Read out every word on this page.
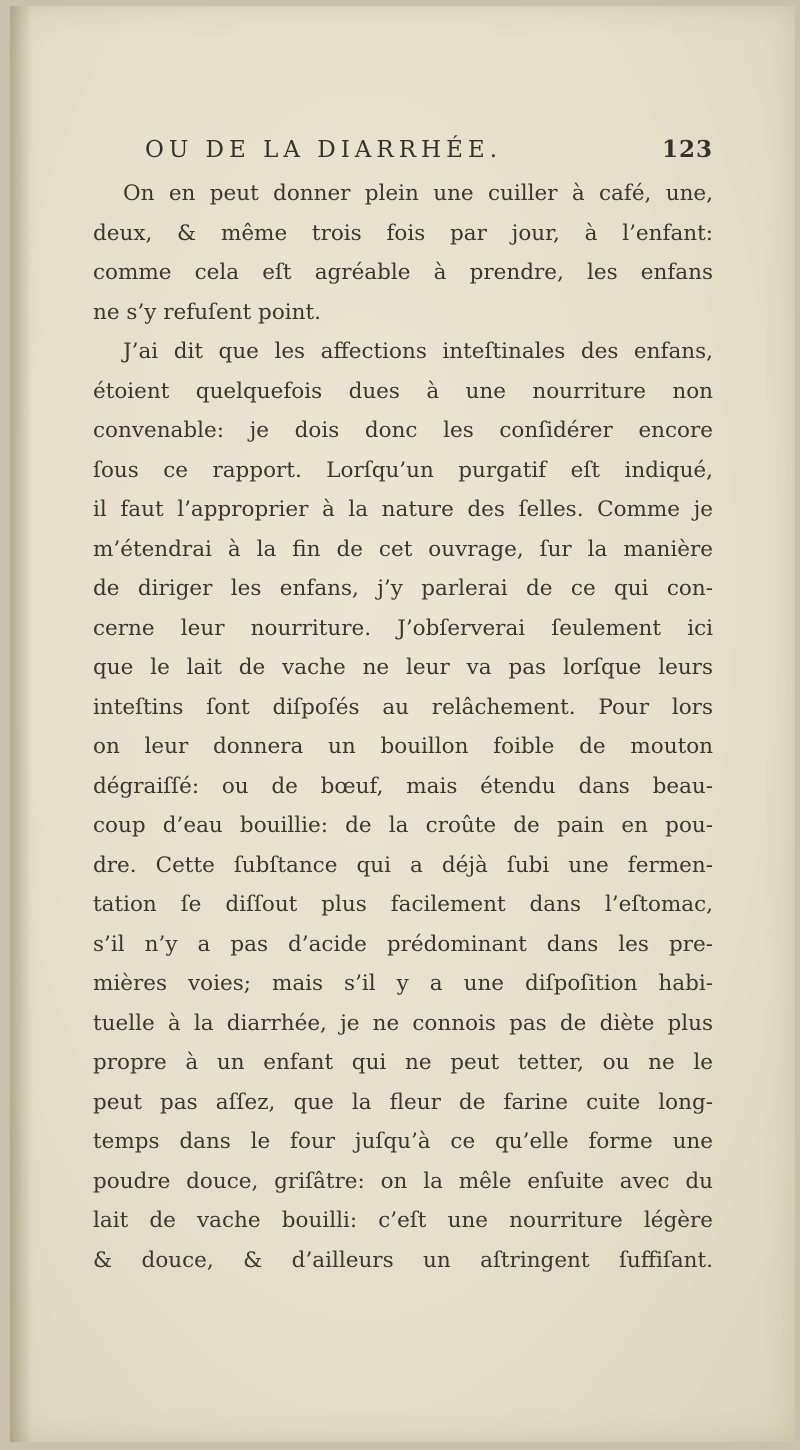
OU DE LA DIARRHÉE.	123
On en peut donner plein une cuiller à café, une,
deux, & même trois fois par jour, à l’enfant:
comme cela eſt agréable à prendre, les enfans
ne s’y refuſent point.
J’ai dit que les affections inteſtinales des enfans,
étoient quelquefois dues à une nourriture non
convenable: je dois donc les conſidérer encore
ſous ce rapport. Lorſqu’un purgatif eſt indiqué,
il faut l’approprier à la nature des ſelles. Comme je
m’étendrai à la fin de cet ouvrage, ſur la manière
de diriger les enfans, j’y parlerai de ce qui con-
cerne leur nourriture. J’obſerverai ſeulement ici
que le lait de vache ne leur va pas lorſque leurs
inteſtins ſont diſpoſés au relâchement. Pour lors
on leur donnera un bouillon foible de mouton
dégraiſſé: ou de bœuf, mais étendu dans beau-
coup d’eau bouillie: de la croûte de pain en pou-
dre. Cette ſubſtance qui a déjà ſubi une fermen-
tation ſe diſſout plus facilement dans l’eſtomac,
s’il n’y a pas d’acide prédominant dans les pre-
mières voies; mais s’il y a une diſpoſition habi-
tuelle à la diarrhée, je ne connois pas de diète plus
propre à un enfant qui ne peut tetter, ou ne le
peut pas aſſez, que la fleur de farine cuite long-
temps dans le four juſqu’à ce qu’elle forme une
poudre douce, griſâtre: on la mêle enſuite avec du
lait de vache bouilli: c’eſt une nourriture légère
& douce, & d’ailleurs un aſtringent ſuffiſant.
